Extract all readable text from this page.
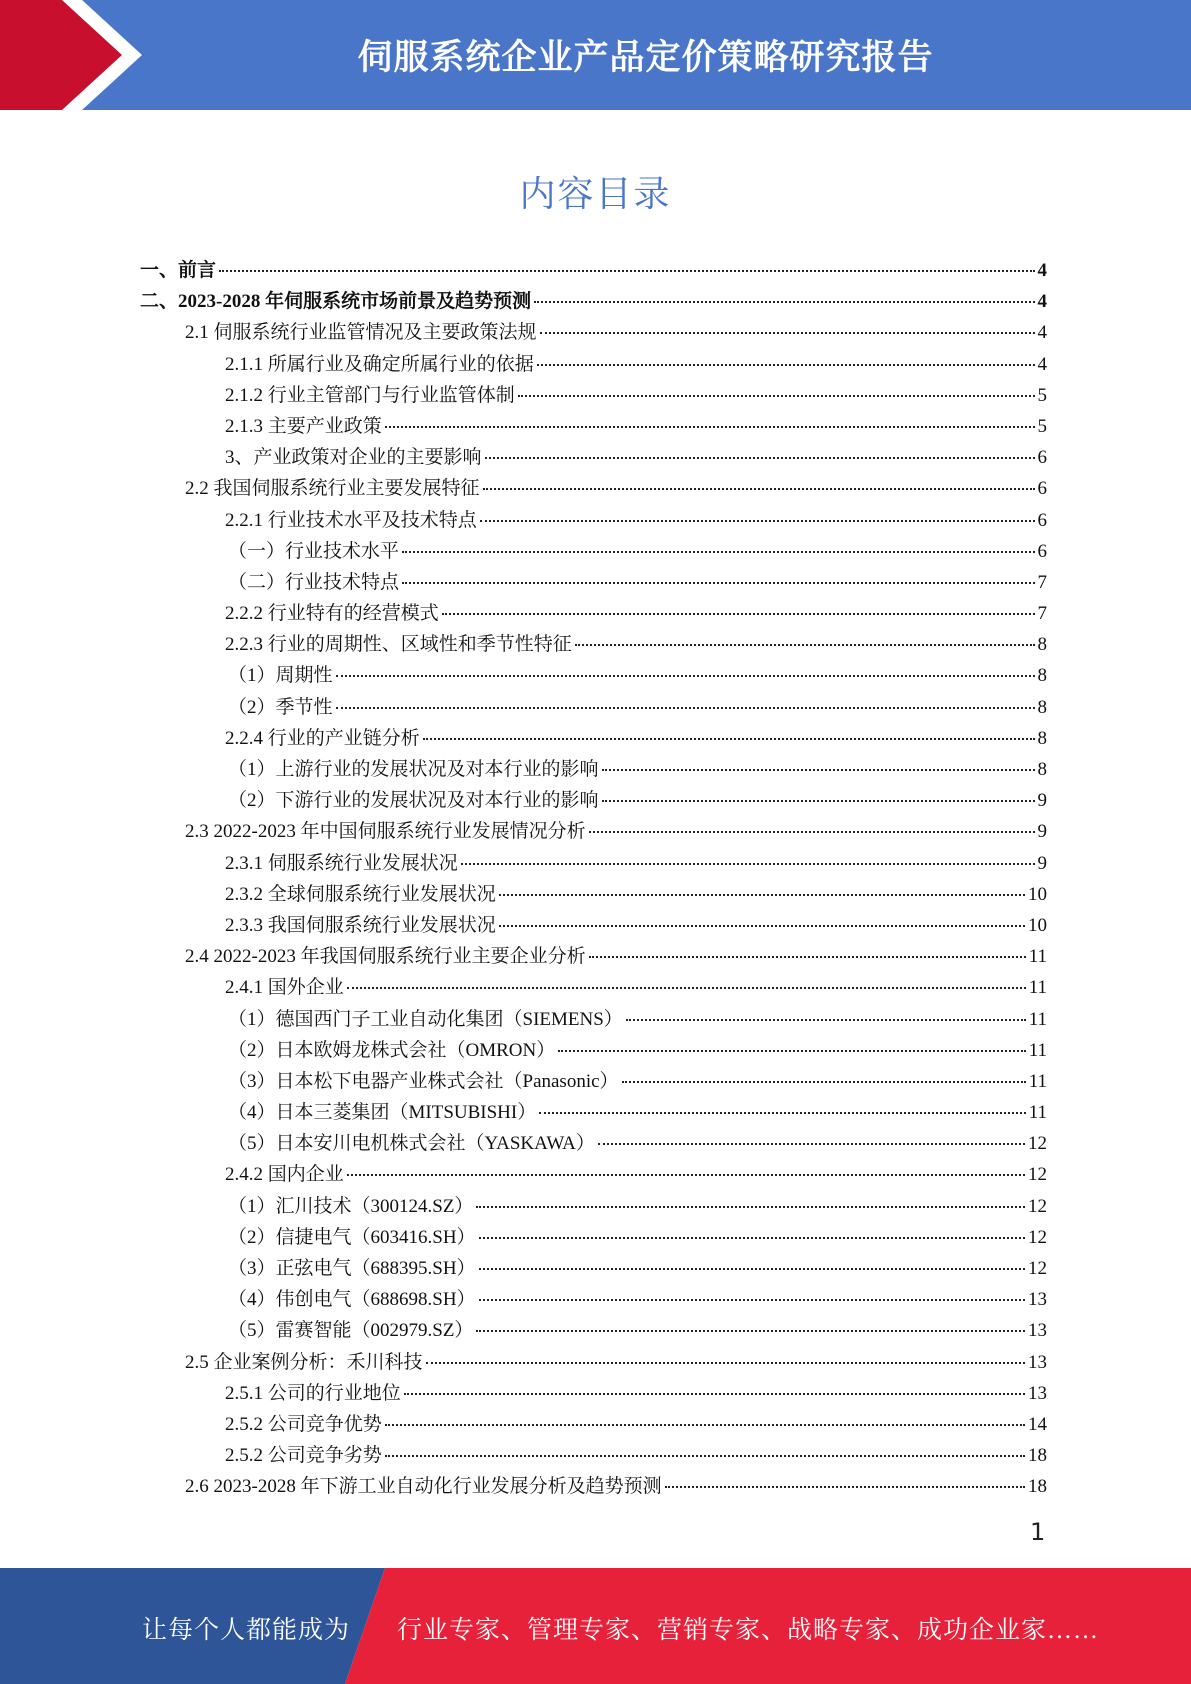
伺服系统企业产品定价策略研究报告
内容目录
一、前言	4
二、2023-2028 年伺服系统市场前景及趋势预测	4
2.1 伺服系统行业监管情况及主要政策法规	4
2.1.1 所属行业及确定所属行业的依据	4
2.1.2 行业主管部门与行业监管体制	5
2.1.3 主要产业政策	5
3、产业政策对企业的主要影响	6
2.2 我国伺服系统行业主要发展特征	6
2.2.1 行业技术水平及技术特点	6
（一）行业技术水平	6
（二）行业技术特点	7
2.2.2 行业特有的经营模式	7
2.2.3 行业的周期性、区域性和季节性特征	8
（1）周期性	8
（2）季节性	8
2.2.4 行业的产业链分析	8
（1）上游行业的发展状况及对本行业的影响	8
（2）下游行业的发展状况及对本行业的影响	9
2.3 2022-2023 年中国伺服系统行业发展情况分析	9
2.3.1 伺服系统行业发展状况	9
2.3.2 全球伺服系统行业发展状况	10
2.3.3 我国伺服系统行业发展状况	10
2.4 2022-2023 年我国伺服系统行业主要企业分析	11
2.4.1 国外企业	11
（1）德国西门子工业自动化集团（SIEMENS）	11
（2）日本欧姆龙株式会社（OMRON）	11
（3）日本松下电器产业株式会社（Panasonic）	11
（4）日本三菱集团（MITSUBISHI）	11
（5）日本安川电机株式会社（YASKAWA）	12
2.4.2 国内企业	12
（1）汇川技术（300124.SZ）	12
（2）信捷电气（603416.SH）	12
（3）正弦电气（688395.SH）	12
（4）伟创电气（688698.SH）	13
（5）雷赛智能（002979.SZ）	13
2.5 企业案例分析：禾川科技	13
2.5.1 公司的行业地位	13
2.5.2 公司竞争优势	14
2.5.2 公司竞争劣势	18
2.6 2023-2028 年下游工业自动化行业发展分析及趋势预测	18
1
让每个人都能成为 行业专家、管理专家、营销专家、战略专家、成功企业家……
